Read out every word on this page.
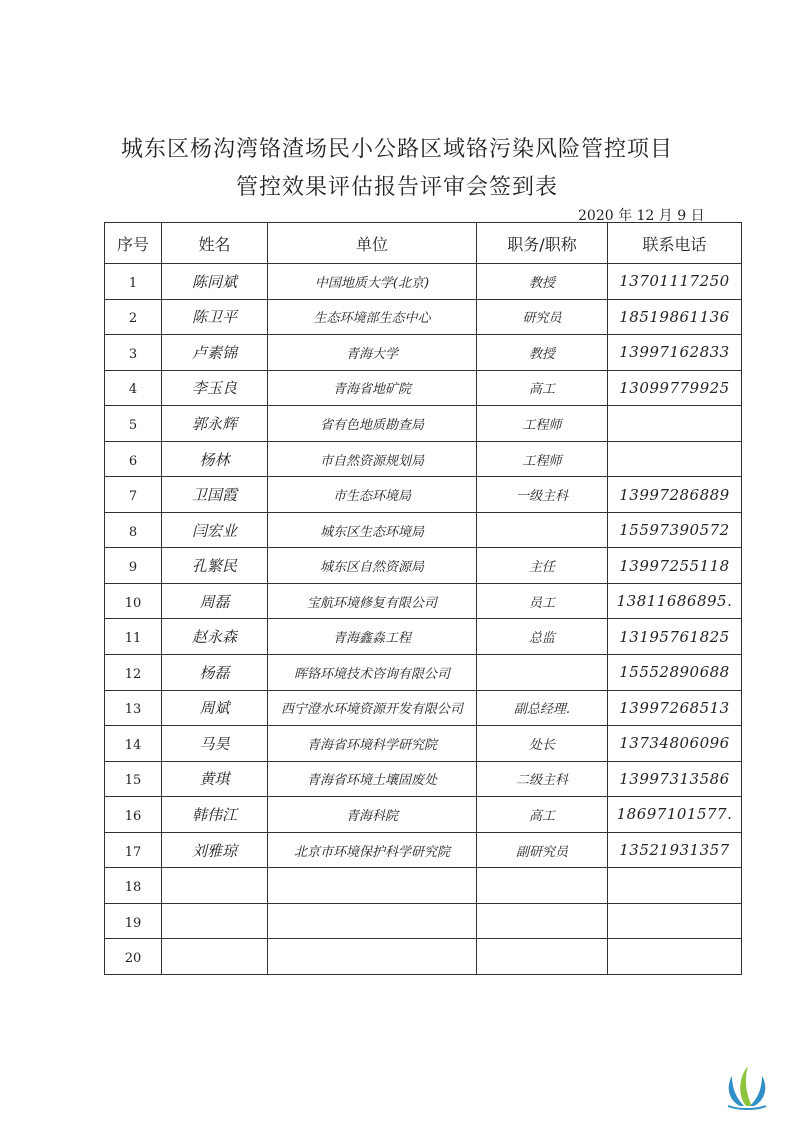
城东区杨沟湾铬渣场民小公路区域铬污染风险管控项目
管控效果评估报告评审会签到表
2020 年 12 月 9 日
序号	姓名	单位	职务/职称	联系电话
1	陈同斌	中国地质大学(北京)	教授	13701117250

2	陈卫平	生态环境部生态中心	研究员	18519861136

3	卢素锦	青海大学	教授	13997162833

4	李玉良	青海省地矿院	高工	13099779925

5	郭永辉	省有色地质勘查局	工程师	

6	杨林	市自然资源规划局	工程师	

7	卫国霞	市生态环境局	一级主科	13997286889

8	闫宏业	城东区生态环境局		15597390572

9	孔繁民	城东区自然资源局	主任	13997255118

10	周磊	宝航环境修复有限公司	员工	13811686895.

11	赵永森	青海鑫淼工程	总监	13195761825

12	杨磊	晖铬环境技术咨询有限公司		15552890688

13	周斌	西宁澄水环境资源开发有限公司	副总经理.	13997268513

14	马昊	青海省环境科学研究院	处长	13734806096

15	黄琪	青海省环境土壤固废处	二级主科	13997313586

16	韩伟江	青海科院	高工	18697101577.

17	刘雅琼	北京市环境保护科学研究院	副研究员	13521931357

18	

19	

20	
